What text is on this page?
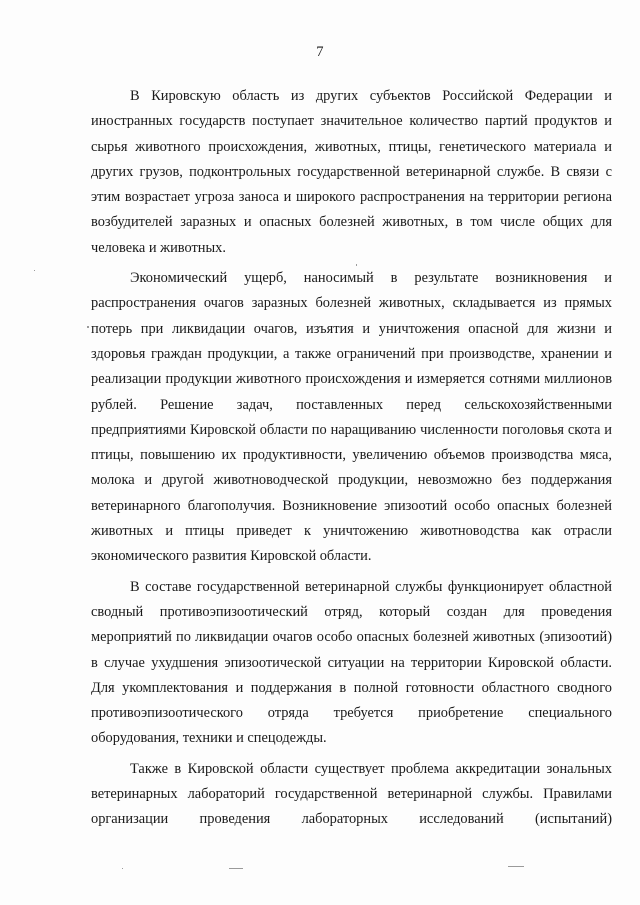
7

В Кировскую область из других субъектов Российской Федерации и иностранных государств поступает значительное количество партий продуктов и сырья животного происхождения, животных, птицы, генетического материала и других грузов, подконтрольных государственной ветеринарной службе. В связи с этим возрастает угроза заноса и широкого распространения на территории региона возбудителей заразных и опасных болезней животных, в том числе общих для человека и животных.

Экономический ущерб, наносимый в результате возникновения и распространения очагов заразных болезней животных, складывается из прямых потерь при ликвидации очагов, изъятия и уничтожения опасной для жизни и здоровья граждан продукции, а также ограничений при производстве, хранении и реализации продукции животного происхождения и измеряется сотнями миллионов рублей. Решение задач, поставленных перед сельскохозяйственными предприятиями Кировской области по наращиванию численности поголовья скота и птицы, повышению их продуктивности, увеличению объемов производства мяса, молока и другой животноводческой продукции, невозможно без поддержания ветеринарного благополучия. Возникновение эпизоотий особо опасных болезней животных и птицы приведет к уничтожению животноводства как отрасли экономического развития Кировской области.

В составе государственной ветеринарной службы функционирует областной сводный противоэпизоотический отряд, который создан для проведения мероприятий по ликвидации очагов особо опасных болезней животных (эпизоотий) в случае ухудшения эпизоотической ситуации на территории Кировской области. Для укомплектования и поддержания в полной готовности областного сводного противоэпизоотического отряда требуется приобретение специального оборудования, техники и спецодежды.

Также в Кировской области существует проблема аккредитации зональных ветеринарных лабораторий государственной ветеринарной службы. Правилами организации проведения лабораторных исследований (испытаний)
